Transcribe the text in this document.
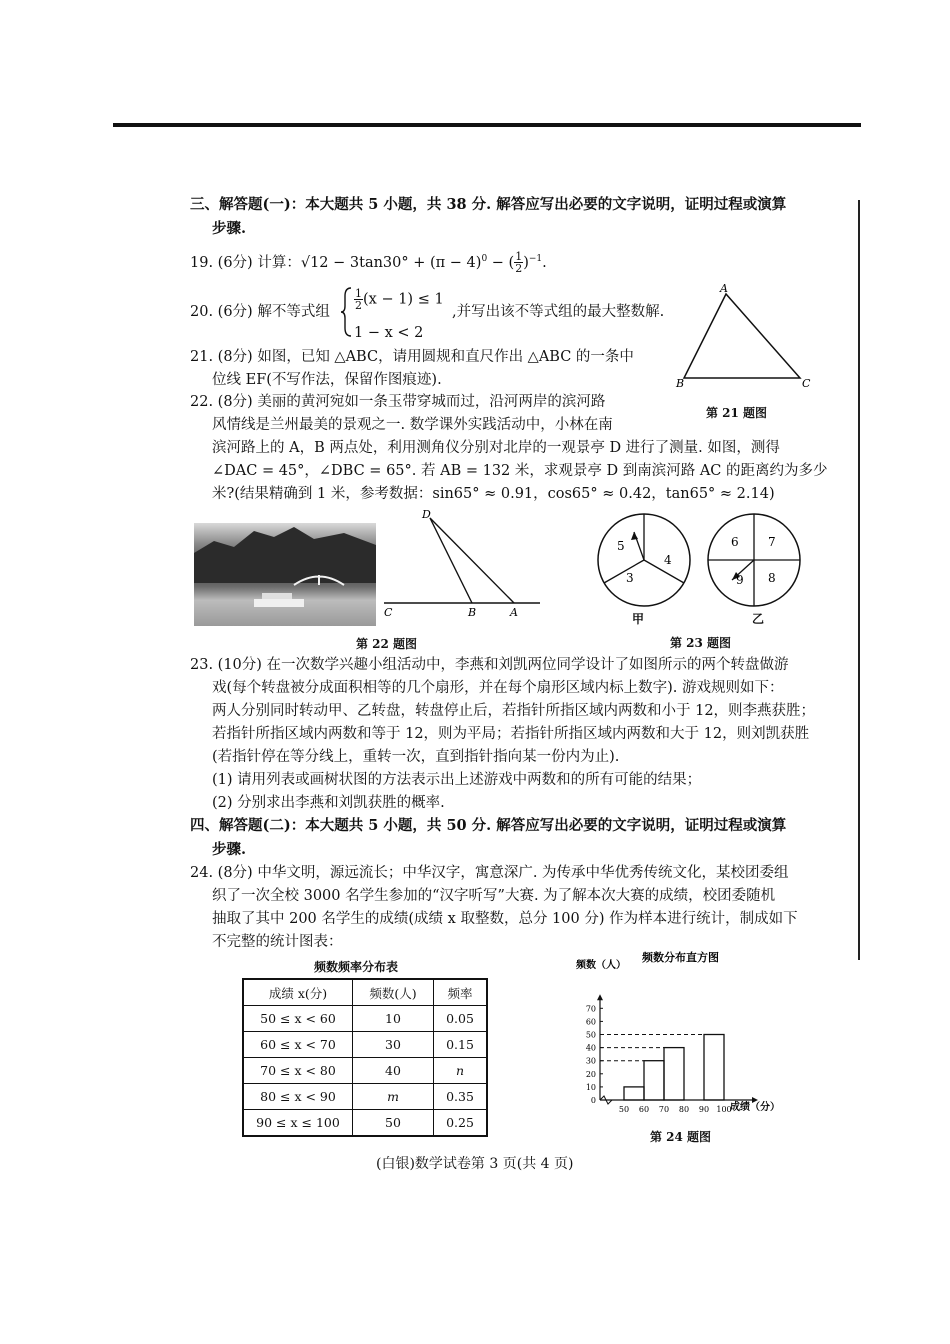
三、解答题(一)：本大题共 5 小题，共 38 分. 解答应写出必要的文字说明，证明过程或演算
步骤.
19. (6分) 计算：$√12 - 3\tan 30^\circ + (\pi - 4)^0$ − ( $\frac{1}{2} )^{-1}$.
20. (6分) 解不等式组
$\frac{1}{2} (x - 1) \le 1$
1 − x < 2
,并写出该不等式组的最大整数解.
21. (8分) 如图，已知 △ABC，请用圆规和直尺作出 △ABC 的一条中
位线 EF(不写作法，保留作图痕迹).
A
B	C
第 21 题图
22. (8分) 美丽的黄河宛如一条玉带穿城而过，沿河两岸的滨河路
风情线是兰州最美的景观之一. 数学课外实践活动中，小林在南
滨河路上的 A，B 两点处，利用测角仪分别对北岸的一观景亭 D 进行了测量. 如图，测得
∠DAC = 45°，∠DBC = 65°. 若 AB = 132 米，求观景亭 D 到南滨河路 AC 的距离约为多少
米?(结果精确到 1 米，参考数据：sin65° ≈ 0.91，cos65° ≈ 0.42，tan65° ≈ 2.14)
D
C	B	A
第 22 题图
5
4
3
6 7
9 8
甲	乙
第 23 题图
23. (10分) 在一次数学兴趣小组活动中，李燕和刘凯两位同学设计了如图所示的两个转盘做游
戏(每个转盘被分成面积相等的几个扇形，并在每个扇形区域内标上数字). 游戏规则如下：
两人分别同时转动甲、乙转盘，转盘停止后，若指针所指区域内两数和小于 12，则李燕获胜；
若指针所指区域内两数和等于 12，则为平局；若指针所指区域内两数和大于 12，则刘凯获胜
(若指针停在等分线上，重转一次，直到指针指向某一份内为止).
(1) 请用列表或画树状图的方法表示出上述游戏中两数和的所有可能的结果；
(2) 分别求出李燕和刘凯获胜的概率.
四、解答题(二)：本大题共 5 小题，共 50 分. 解答应写出必要的文字说明，证明过程或演算
步骤.
24. (8分) 中华文明，源远流长；中华汉字，寓意深广. 为传承中华优秀传统文化，某校团委组
织了一次全校 3000 名学生参加的“汉字听写”大赛. 为了解本次大赛的成绩，校团委随机
抽取了其中 200 名学生的成绩(成绩 x 取整数，总分 100 分) 作为样本进行统计，制成如下
不完整的统计图表：
频数频率分布表
成绩 x(分)	频数(人)	频率
50 ≤ x < 60	10	0.05
60 ≤ x < 70	30	0.15
70 ≤ x < 80	40	n
80 ≤ x < 90	m	0.35
90 ≤ x ≤ 100	50	0.25
频数分布直方图
频数（人）
成绩（分）
0
10
20
30
40
50
60
70
50 60 70 80 90 100
第 24 题图
(白银)数学试卷第 3 页(共 4 页)
